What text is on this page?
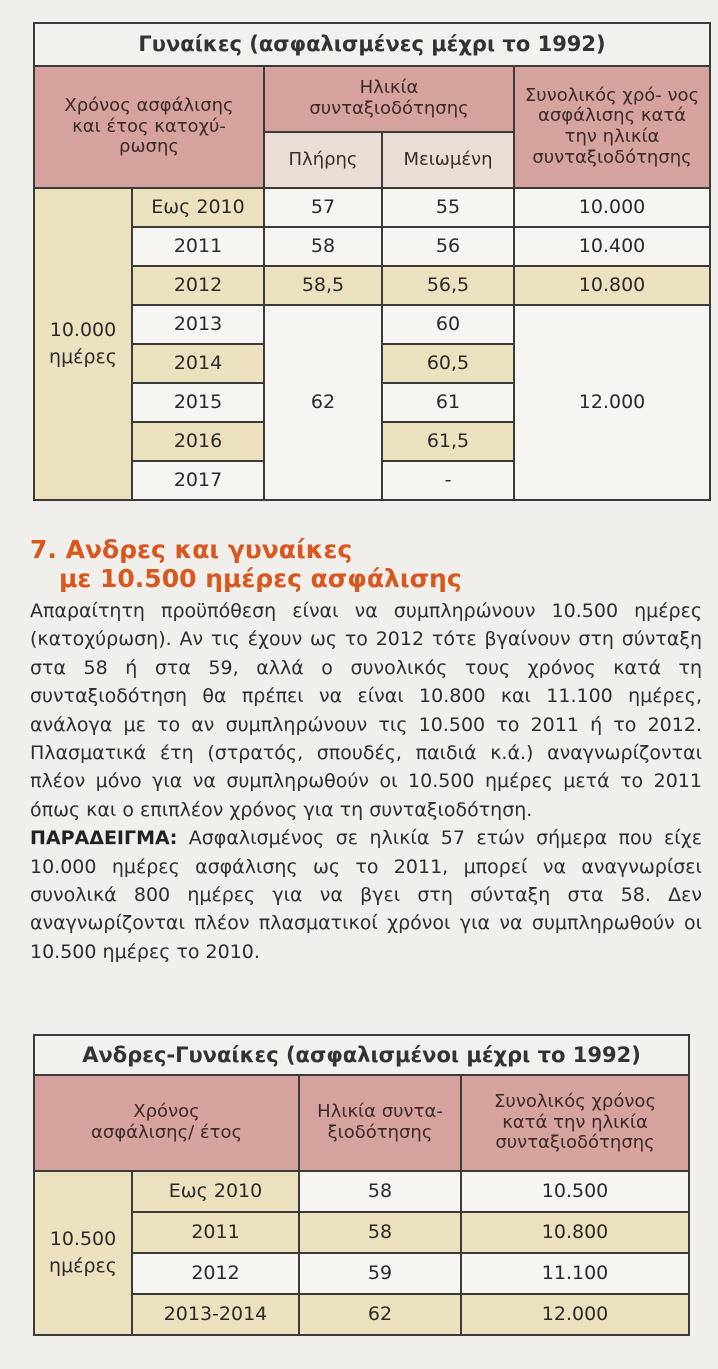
Γυναίκες (ασφαλισμένες μέχρι το 1992)				
Χρόνος ασφάλισης και έτος κατοχύ- ρωσης		Ηλικία συνταξιοδότησης		Συνολικός χρό- νος ασφάλισης κατά την ηλικία συνταξιοδότησης
		Πλήρης	Μειωμένη	
10.000 ημέρες	Εως 2010	57	55	10.000
	2011	58	56	10.400
	2012	58,5	56,5	10.800
	2013	62	60	12.000
	2014		60,5	
	2015		61	
	2016		61,5	
	2017		-	
7. Ανδρες και γυναίκες
με 10.500 ημέρες ασφάλισης

Απαραίτητη προϋπόθεση είναι να συμπληρώνουν 10.500 ημέρες (κατοχύρωση). Αν τις έχουν ως το 2012 τότε βγαίνουν στη σύνταξη στα 58 ή στα 59, αλλά ο συνολικός τους χρόνος κατά τη συνταξιοδότηση θα πρέπει να είναι 10.800 και 11.100 ημέρες, ανάλογα με το αν συμπληρώνουν τις 10.500 το 2011 ή το 2012. Πλασματικά έτη (στρατός, σπουδές, παιδιά κ.ά.) αναγνωρίζονται πλέον μόνο για να συμπληρωθούν οι 10.500 ημέρες μετά το 2011 όπως και ο επιπλέον χρόνος για τη συνταξιοδότηση.

ΠΑΡΑΔΕΙΓΜΑ: Ασφαλισμένος σε ηλικία 57 ετών σήμερα που είχε 10.000 ημέρες ασφάλισης ως το 2011, μπορεί να αναγνωρίσει συνολικά 800 ημέρες για να βγει στη σύνταξη στα 58. Δεν αναγνωρίζονται πλέον πλασματικοί χρόνοι για να συμπληρωθούν οι 10.500 ημέρες το 2010.

Ανδρες-Γυναίκες (ασφαλισμένοι μέχρι το 1992)			
Χρόνος ασφάλισης/ έτος		Ηλικία συντα- ξιοδότησης	Συνολικός χρόνος κατά την ηλικία συνταξιοδότησης
10.500 ημέρες	Εως 2010	58	10.500
	2011	58	10.800
	2012	59	11.100
	2013-2014	62	12.000
